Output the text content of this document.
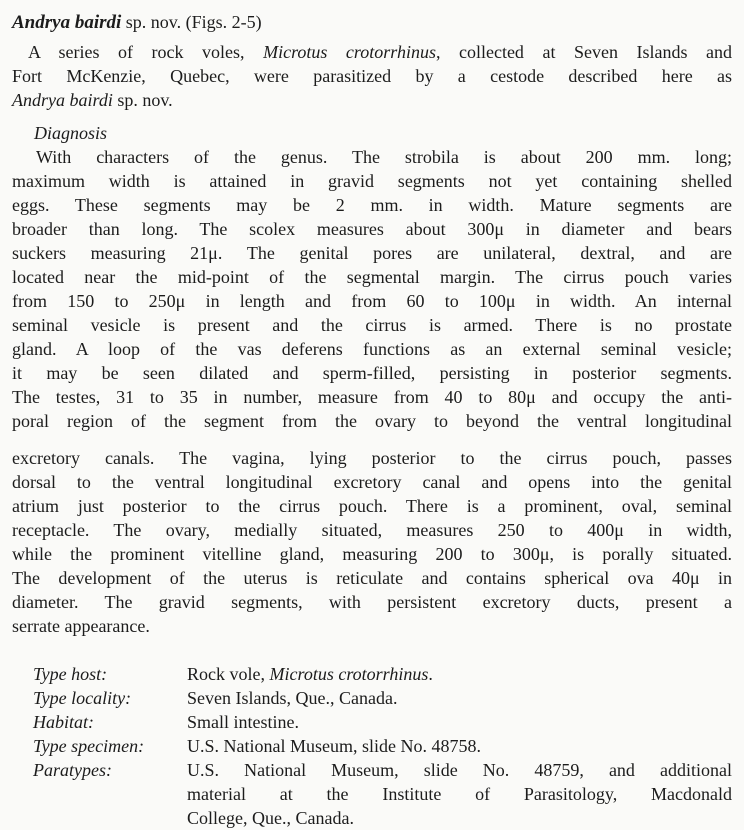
Andrya bairdi sp. nov. (Figs. 2-5)
A series of rock voles, Microtus crotorrhinus, collected at Seven Islands and
Fort McKenzie, Quebec, were parasitized by a cestode described here as
Andrya bairdi sp. nov.
Diagnosis
With characters of the genus. The strobila is about 200 mm. long;
maximum width is attained in gravid segments not yet containing shelled
eggs. These segments may be 2 mm. in width. Mature segments are
broader than long. The scolex measures about 300μ in diameter and bears
suckers measuring 21μ. The genital pores are unilateral, dextral, and are
located near the mid-point of the segmental margin. The cirrus pouch varies
from 150 to 250μ in length and from 60 to 100μ in width. An internal
seminal vesicle is present and the cirrus is armed. There is no prostate
gland. A loop of the vas deferens functions as an external seminal vesicle;
it may be seen dilated and sperm-filled, persisting in posterior segments.
The testes, 31 to 35 in number, measure from 40 to 80μ and occupy the anti-
poral region of the segment from the ovary to beyond the ventral longitudinal
excretory canals. The vagina, lying posterior to the cirrus pouch, passes
dorsal to the ventral longitudinal excretory canal and opens into the genital
atrium just posterior to the cirrus pouch. There is a prominent, oval, seminal
receptacle. The ovary, medially situated, measures 250 to 400μ in width,
while the prominent vitelline gland, measuring 200 to 300μ, is porally situated.
The development of the uterus is reticulate and contains spherical ova 40μ in
diameter. The gravid segments, with persistent excretory ducts, present a
serrate appearance.
Type host:	Rock vole, Microtus crotorrhinus.
Type locality:	Seven Islands, Que., Canada.
Habitat:	Small intestine.
Type specimen:	U.S. National Museum, slide No. 48758.
Paratypes:	U.S. National Museum, slide No. 48759, and additional
material at the Institute of Parasitology, Macdonald
College, Que., Canada.
